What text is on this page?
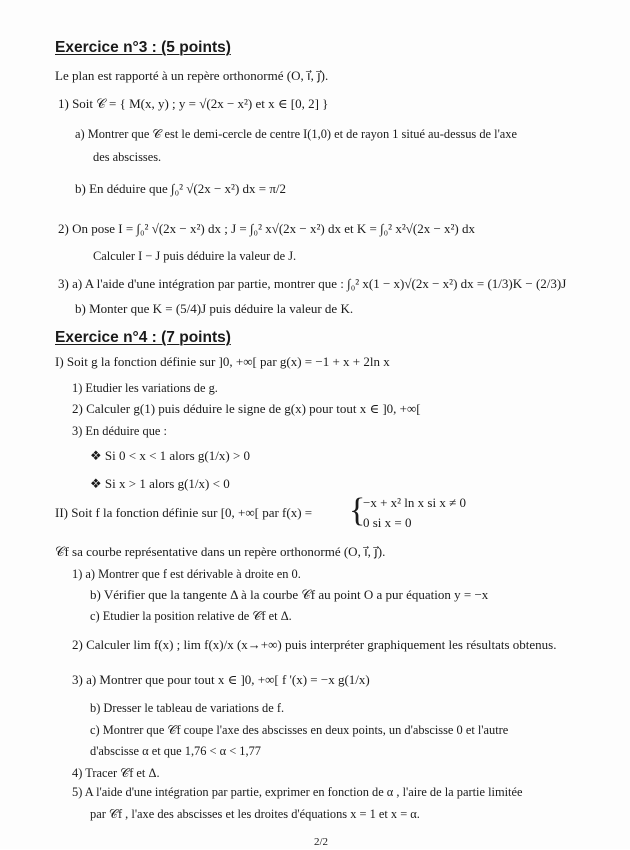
Exercice n°3 : (5 points)
Le plan est rapporté à un repère orthonormé (O, i⃗, j⃗).
1) Soit 𝒞 = { M(x, y) ; y = √(2x − x²) et x ∈ [0, 2] }
a) Montrer que 𝒞 est le demi-cercle de centre I(1,0) et de rayon 1 situé au-dessus de l'axe
des abscisses.
b) En déduire que ∫₀² √(2x − x²) dx = π/2
2) On pose I = ∫₀² √(2x − x²) dx ; J = ∫₀² x√(2x − x²) dx et K = ∫₀² x²√(2x − x²) dx
Calculer I − J puis déduire la valeur de J.
3) a) A l'aide d'une intégration par partie, montrer que : ∫₀² x(1 − x)√(2x − x²) dx = (1/3)K − (2/3)J
b) Monter que K = (5/4)J puis déduire la valeur de K.
Exercice n°4 : (7 points)
I) Soit g la fonction définie sur ]0, +∞[ par g(x) = −1 + x + 2ln x
1) Etudier les variations de g.
2) Calculer g(1) puis déduire le signe de g(x) pour tout x ∈ ]0, +∞[
3) En déduire que :
❖ Si 0 < x < 1 alors g(1/x) > 0
❖ Si x > 1 alors g(1/x) < 0
II) Soit f la fonction définie sur [0, +∞[ par f(x) = {
−x + x² ln x si x ≠ 0
0 si x = 0
𝒞f sa courbe représentative dans un repère orthonormé (O, i⃗, j⃗).
1) a) Montrer que f est dérivable à droite en 0.
b) Vérifier que la tangente Δ à la courbe 𝒞f au point O a pur équation y = −x
c) Etudier la position relative de 𝒞f et Δ.
2) Calculer lim f(x) ; lim f(x)/x (x→+∞) puis interpréter graphiquement les résultats obtenus.
3) a) Montrer que pour tout x ∈ ]0, +∞[ f '(x) = −x g(1/x)
b) Dresser le tableau de variations de f.
c) Montrer que 𝒞f coupe l'axe des abscisses en deux points, un d'abscisse 0 et l'autre
d'abscisse α et que 1,76 < α < 1,77
4) Tracer 𝒞f et Δ.
5) A l'aide d'une intégration par partie, exprimer en fonction de α , l'aire de la partie limitée
par 𝒞f , l'axe des abscisses et les droites d'équations x = 1 et x = α.
2/2
